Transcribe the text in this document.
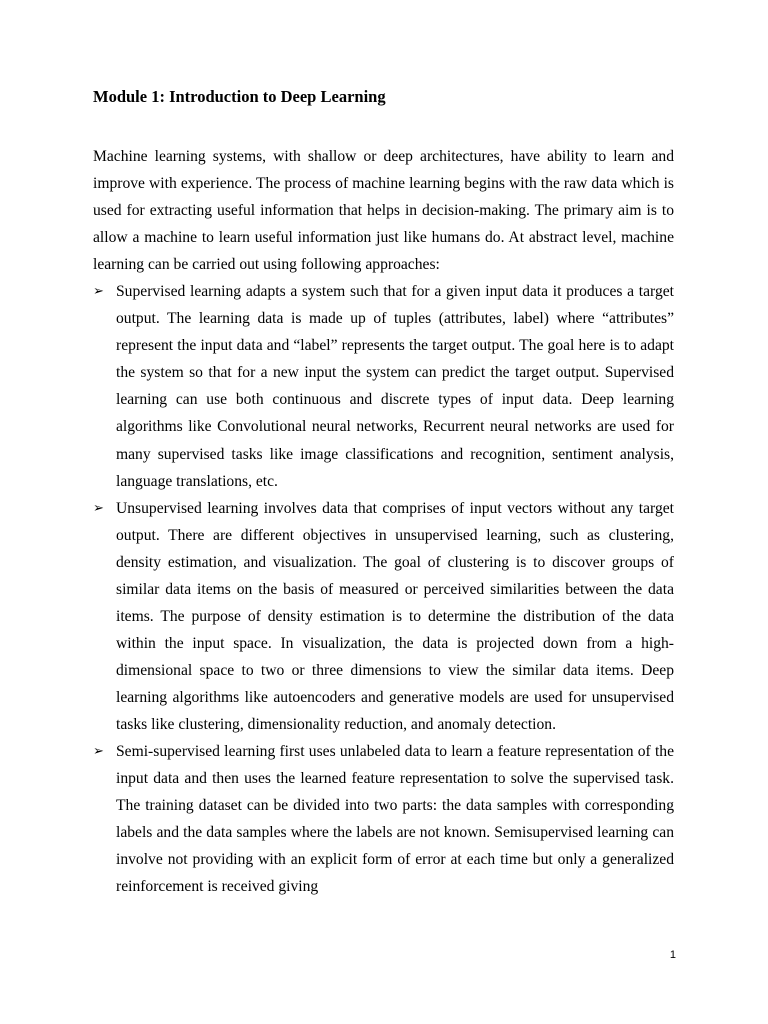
Module 1: Introduction to Deep Learning

Machine learning systems, with shallow or deep architectures, have ability to learn and improve with experience. The process of machine learning begins with the raw data which is used for extracting useful information that helps in decision-making. The primary aim is to allow a machine to learn useful information just like humans do. At abstract level, machine learning can be carried out using following approaches:

➢ Supervised learning adapts a system such that for a given input data it produces a target output. The learning data is made up of tuples (attributes, label) where “attributes” represent the input data and “label” represents the target output. The goal here is to adapt the system so that for a new input the system can predict the target output. Supervised learning can use both continuous and discrete types of input data. Deep learning algorithms like Convolutional neural networks, Recurrent neural networks are used for many supervised tasks like image classifications and recognition, sentiment analysis, language translations, etc.
➢ Unsupervised learning involves data that comprises of input vectors without any target output. There are different objectives in unsupervised learning, such as clustering, density estimation, and visualization. The goal of clustering is to discover groups of similar data items on the basis of measured or perceived similarities between the data items. The purpose of density estimation is to determine the distribution of the data within the input space. In visualization, the data is projected down from a high-dimensional space to two or three dimensions to view the similar data items. Deep learning algorithms like autoencoders and generative models are used for unsupervised tasks like clustering, dimensionality reduction, and anomaly detection.
➢ Semi-supervised learning first uses unlabeled data to learn a feature representation of the input data and then uses the learned feature representation to solve the supervised task. The training dataset can be divided into two parts: the data samples with corresponding labels and the data samples where the labels are not known. Semisupervised learning can involve not providing with an explicit form of error at each time but only a generalized reinforcement is received giving
1
